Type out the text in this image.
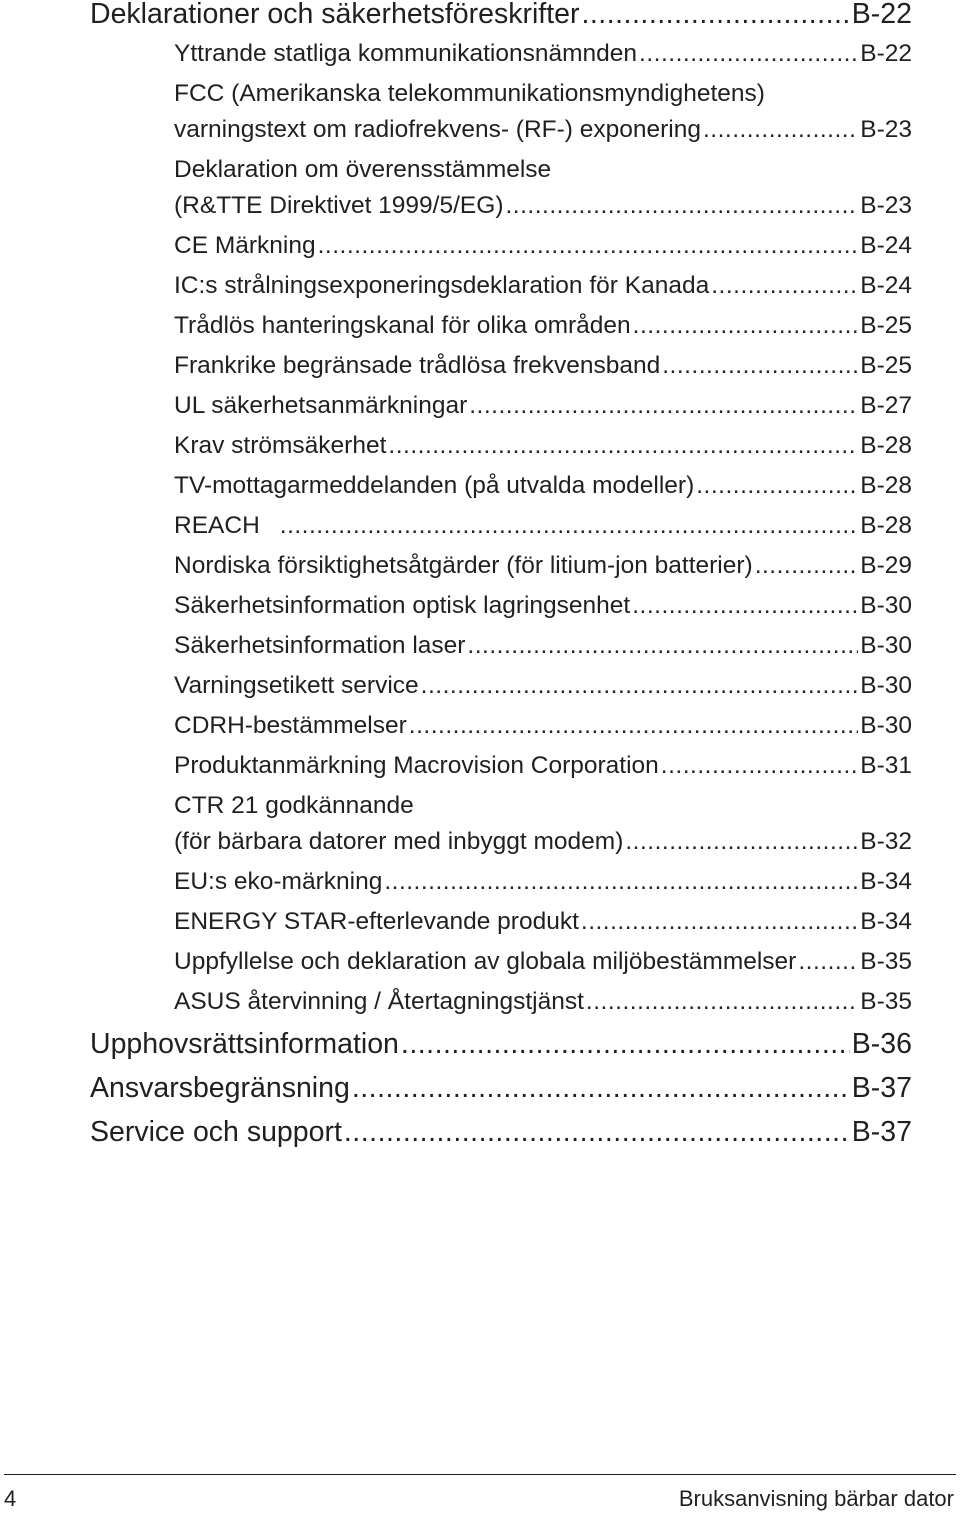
Deklarationer och säkerhetsföreskrifter .....	B-22
Yttrande statliga kommunikationsnämnden .....	B-22
FCC (Amerikanska telekommunikationsmyndighetens)
varningstext om radiofrekvens- (RF-) exponering .....	B-23
Deklaration om överensstämmelse
(R&TTE Direktivet 1999/5/EG) .....	B-23
CE Märkning .....	B-24
IC:s strålningsexponeringsdeklaration för Kanada .....	B-24
Trådlös hanteringskanal för olika områden .....	B-25
Frankrike begränsade trådlösa frekvensband .....	B-25
UL säkerhetsanmärkningar .....	B-27
Krav strömsäkerhet .....	B-28
TV-mottagarmeddelanden (på utvalda modeller) .....	B-28
REACH .....	B-28
Nordiska försiktighetsåtgärder (för litium-jon batterier) .....	B-29
Säkerhetsinformation optisk lagringsenhet .....	B-30
Säkerhetsinformation laser .....	B-30
Varningsetikett service .....	B-30
CDRH-bestämmelser .....	B-30
Produktanmärkning Macrovision Corporation .....	B-31
CTR 21 godkännande
(för bärbara datorer med inbyggt modem) .....	B-32
EU:s eko-märkning .....	B-34
ENERGY STAR-efterlevande produkt .....	B-34
Uppfyllelse och deklaration av globala miljöbestämmelser .....	B-35
ASUS återvinning / Återtagningstjänst .....	B-35
Upphovsrättsinformation .....	B-36
Ansvarsbegränsning .....	B-37
Service och support .....	B-37
4	Bruksanvisning bärbar dator
